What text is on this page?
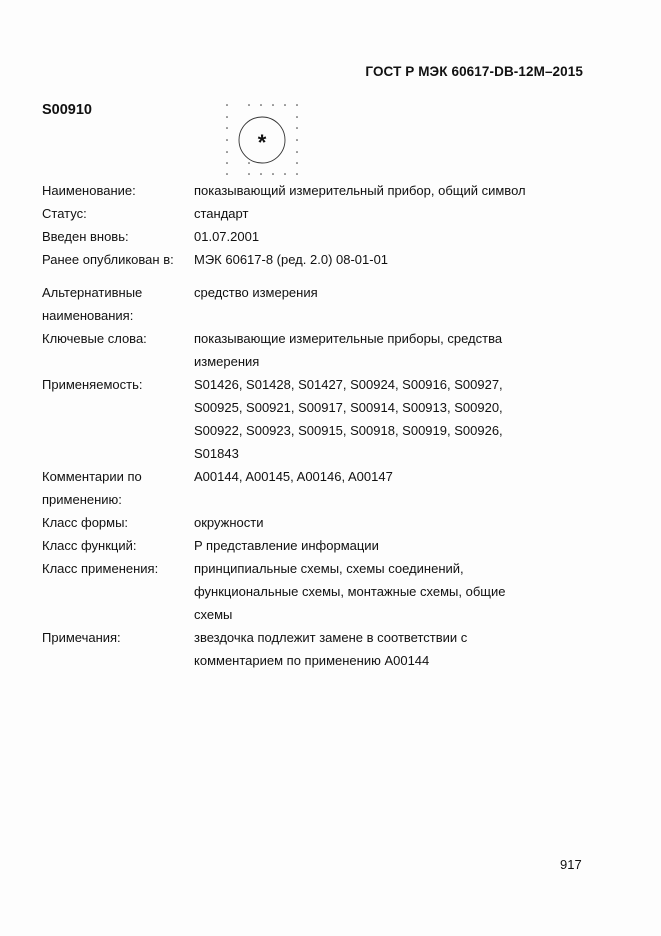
ГОСТ Р МЭК 60617-DB-12M–2015
S00910
*
Наименование:	показывающий измерительный прибор, общий символ
Статус:	стандарт
Введен вновь:	01.07.2001
Ранее опубликован в:	МЭК 60617-8 (ред. 2.0) 08-01-01
Альтернативные наименования:
средство измерения
Ключевые слова:	показывающие измерительные приборы, средства измерения
Применяемость:	S01426, S01428, S01427, S00924, S00916, S00927, S00925, S00921, S00917, S00914, S00913, S00920, S00922, S00923, S00915, S00918, S00919, S00926, S01843
Комментарии по применению:
A00144, A00145, A00146, A00147
Класс формы:	окружности
Класс функций:	P представление информации
Класс применения:	принципиальные схемы, схемы соединений, функциональные схемы, монтажные схемы, общие схемы
Примечания:	звездочка подлежит замене в соответствии с комментарием по применению A00144
917
